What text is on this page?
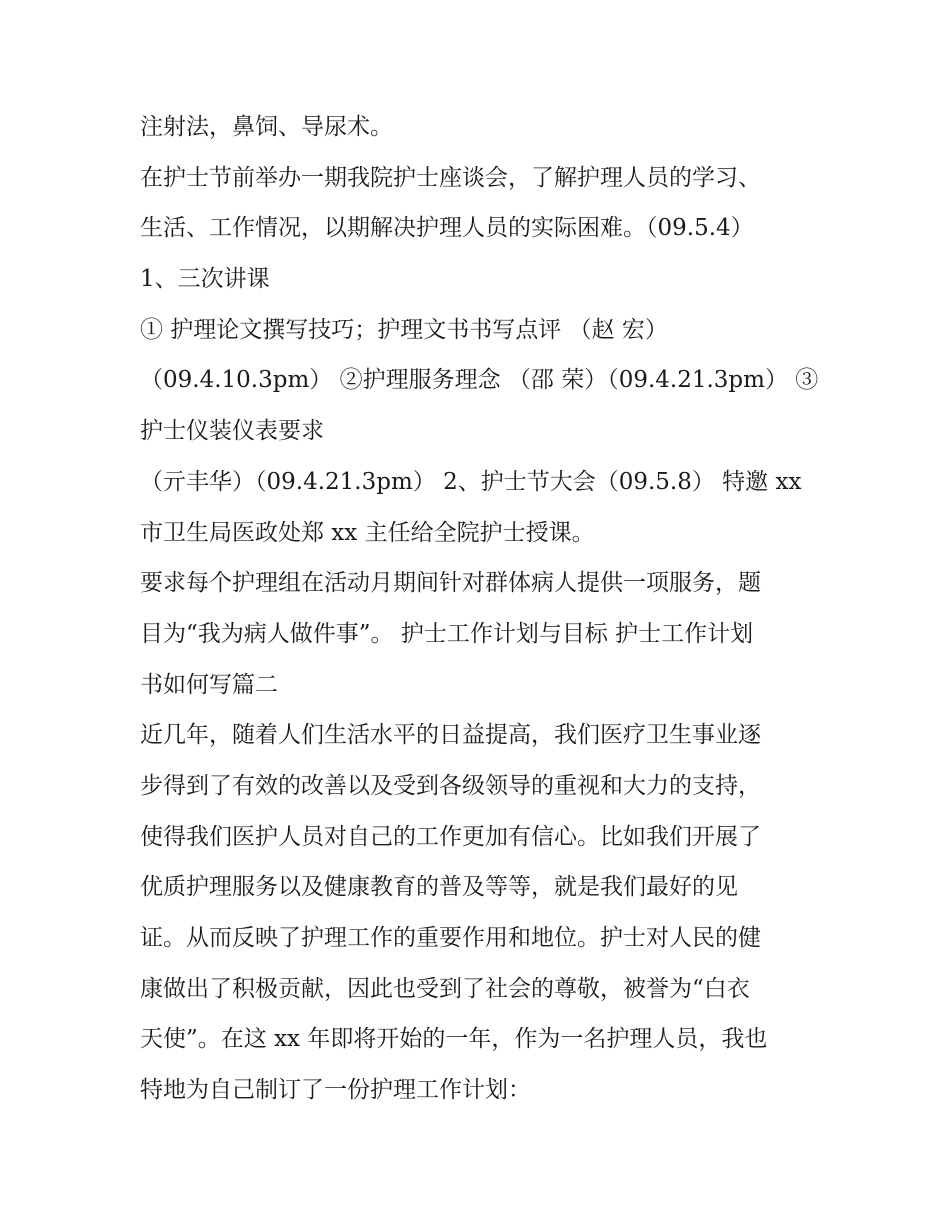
注射法，鼻饲、导尿术。
在护士节前举办一期我院护士座谈会，了解护理人员的学习、
生活、工作情况，以期解决护理人员的实际困难。（09.5.4）
1、三次讲课
① 护理论文撰写技巧；护理文书书写点评 （赵 宏）
（09.4.10.3pm） ②护理服务理念 （邵 荣）（09.4.21.3pm） ③
护士仪装仪表要求
（亓丰华）（09.4.21.3pm） 2、护士节大会（09.5.8） 特邀 xx
市卫生局医政处郑 xx 主任给全院护士授课。
要求每个护理组在活动月期间针对群体病人提供一项服务，题
目为“我为病人做件事”。 护士工作计划与目标 护士工作计划
书如何写篇二
近几年，随着人们生活水平的日益提高，我们医疗卫生事业逐
步得到了有效的改善以及受到各级领导的重视和大力的支持，
使得我们医护人员对自己的工作更加有信心。比如我们开展了
优质护理服务以及健康教育的普及等等，就是我们最好的见
证。从而反映了护理工作的重要作用和地位。护士对人民的健
康做出了积极贡献，因此也受到了社会的尊敬，被誉为“白衣
天使”。在这 xx 年即将开始的一年，作为一名护理人员，我也
特地为自己制订了一份护理工作计划：
